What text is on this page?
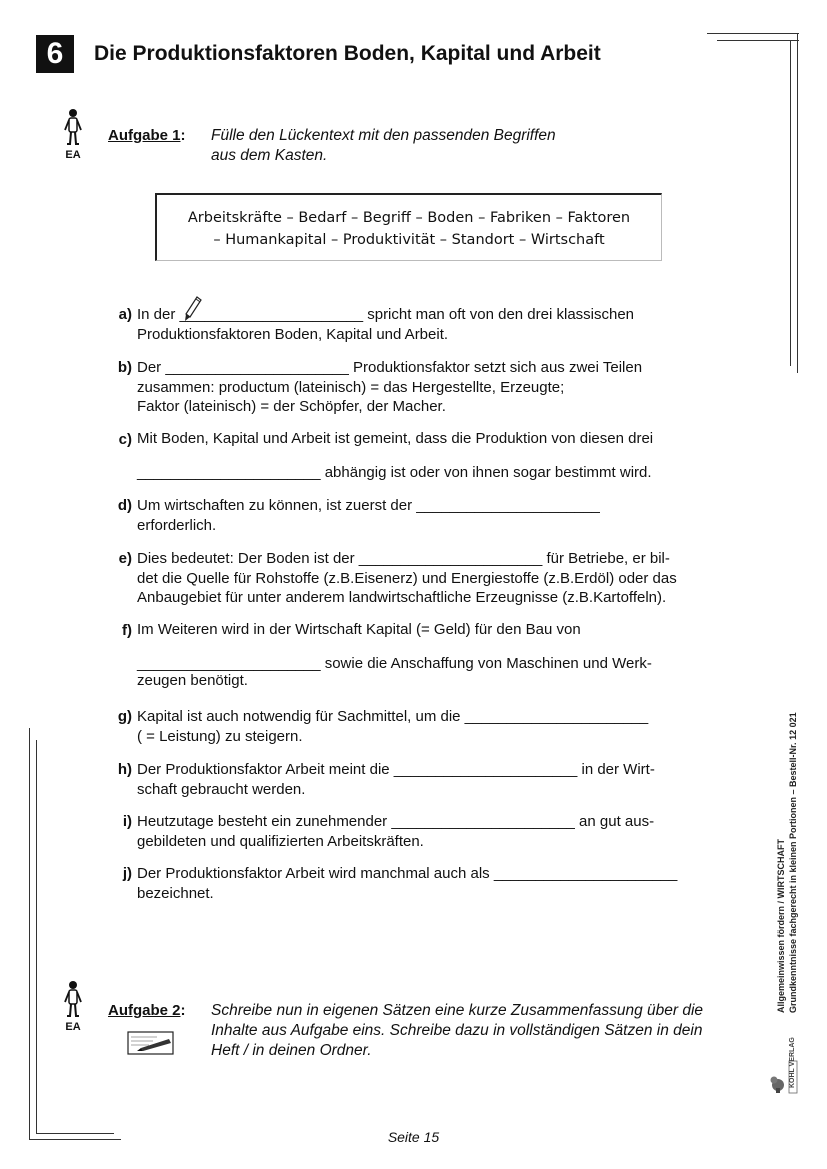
6	Die Produktionsfaktoren Boden, Kapital und Arbeit
EA
Aufgabe 1: Fülle den Lückentext mit den passenden Begriffen
aus dem Kasten.
Arbeitskräfte – Bedarf – Begriff – Boden – Fabriken – Faktoren
– Humankapital – Produktivität – Standort – Wirtschaft
a) In der ______________________ spricht man oft von den drei klassischen
Produktionsfaktoren Boden, Kapital und Arbeit.
b) Der ______________________ Produktionsfaktor setzt sich aus zwei Teilen
zusammen: productum (lateinisch) = das Hergestellte, Erzeugte;
Faktor (lateinisch) = der Schöpfer, der Macher.
c) Mit Boden, Kapital und Arbeit ist gemeint, dass die Produktion von diesen drei

______________________ abhängig ist oder von ihnen sogar bestimmt wird.
d) Um wirtschaften zu können, ist zuerst der ______________________
erforderlich.
e) Dies bedeutet: Der Boden ist der ______________________ für Betriebe, er bil-
det die Quelle für Rohstoffe (z.B.Eisenerz) und Energiestoffe (z.B.Erdöl) oder das
Anbaugebiet für unter anderem landwirtschaftliche Erzeugnisse (z.B.Kartoffeln).
f) Im Weiteren wird in der Wirtschaft Kapital (= Geld) für den Bau von

______________________ sowie die Anschaffung von Maschinen und Werk-
zeugen benötigt.
g) Kapital ist auch notwendig für Sachmittel, um die ______________________
( = Leistung) zu steigern.
h) Der Produktionsfaktor Arbeit meint die ______________________ in der Wirt-
schaft gebraucht werden.
i) Heutzutage besteht ein zunehmender ______________________ an gut aus-
gebildeten und qualifizierten Arbeitskräften.
j) Der Produktionsfaktor Arbeit wird manchmal auch als ______________________
bezeichnet.
EA
Aufgabe 2: Schreibe nun in eigenen Sätzen eine kurze Zusammenfassung über die
Inhalte aus Aufgabe eins. Schreibe dazu in vollständigen Sätzen in dein
Heft / in deinen Ordner.
Allgemeinwissen fördern / WIRTSCHAFT Grundkenntnisse fachgerecht in kleinen Portionen – Bestell-Nr. 12 021
KOHL VERLAG
Seite 15
